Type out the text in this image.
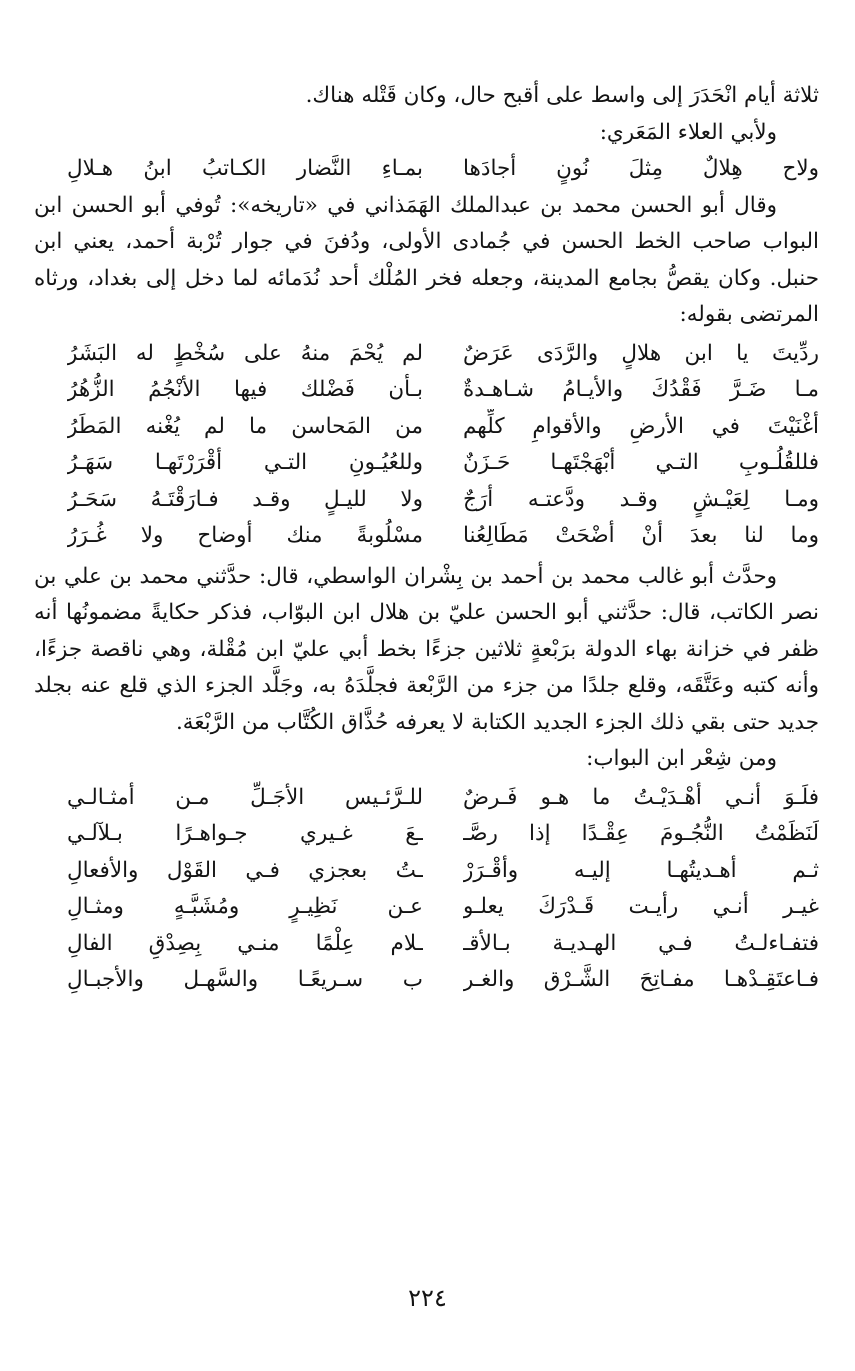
ثلاثة أيام انْحَدَرَ إلى واسط على أقبح حال، وكان قَتْله هناك.

ولأبي العلاء المَعَري:

ولاح هِلالٌ مِثلَ نُونٍ أجادَها
بمـاءِ النَّضار الكـاتبُ ابنُ هـلالِ

وقال أبو الحسن محمد بن عبدالملك الهَمَذاني في «تاريخه»: تُوفي أبو الحسن ابن البواب صاحب الخط الحسن في جُمادى الأولى، ودُفنَ في جوار تُرْبة أحمد، يعني ابن حنبل. وكان يقصُّ بجامع المدينة، وجعله فخر المُلْك أحد نُدَمائه لما دخل إلى بغداد، ورثاه المرتضى بقوله:

ردِّيتَ يا ابن هلالٍ والرَّدَى عَرَضٌ
لم يُحْمَ منهُ على سُخْطٍ له البَشَرُ
مـا ضَـرَّ فَقْدُكَ والأيـامُ شـاهـدةٌ
بـأن فَضْلك فيها الأنْجُمُ الزُّهُرُ
أغْنَيْتَ في الأرضِ والأقوامِ كلِّهم
من المَحاسن ما لم يُغْنه المَطَرُ
فللقُلُـوبِ التـي أبْهَجْتَهـا حَـزَنٌ
وللعُيُـونِ التـي أقْرَرْتَهـا سَهَـرُ
ومـا لِعَيْـشٍ وقـد ودَّعتـه أرَجٌ
ولا لليـلٍ وقـد فـارَقْتَـهُ سَحَـرُ
وما لنا بعدَ أنْ أضْحَتْ مَطَالِعُنا
مسْلُوبةً منك أوضاح ولا غُـرَرُ

وحدَّث أبو غالب محمد بن أحمد بن بِشْران الواسطي، قال: حدَّثني محمد بن علي بن نصر الكاتب، قال: حدَّثني أبو الحسن عليّ بن هلال ابن البوّاب، فذكر حكايةً مضمونُها أنه ظفر في خزانة بهاء الدولة برَبْعةٍ ثلاثين جزءًا بخط أبي عليّ ابن مُقْلة، وهي ناقصة جزءًا، وأنه كتبه وعَتَّقَه، وقلع جلدًا من جزء من الرَّبْعة فجلَّدَهُ به، وجَلَّد الجزء الذي قلع عنه بجلد جديد حتى بقي ذلك الجزء الجديد الكتابة لا يعرفه حُذَّاق الكُتَّاب من الرَّبْعَة.

ومن شِعْر ابن البواب:

فلَـوَ أنـي أهْـدَيْـتُ ما هـو فَـرضٌ
للـرَّئـيس الأجَـلِّ مـن أمثـالـي
لَنَظَمْتُ النُّجُـومَ عِقْـدًا إذا رصَّـ
ـعَ غـيري جـواهـرًا بـلآلـي
ثـم أهـديتُهـا إليـه وأقْـرَرْ
ـتُ بعجزي فـي القَوْل والأفعالِ
غيـر أنـي رأيـت قَـدْرَكَ يعلـو
عـن نَظِيـرٍ ومُشَبَّـهٍ ومثـالِ
فتفـاءلـتُ فـي الهـديـة بـالأقـ
ـلام عِلْمًا منـي بِصِدْقِ الفالِ
فـاعتَقِـدْهـا مفـاتِحَ الشَّـرْق والغـر
ب سـريعًـا والسَّهـل والأجبـالِ
٢٢٤
